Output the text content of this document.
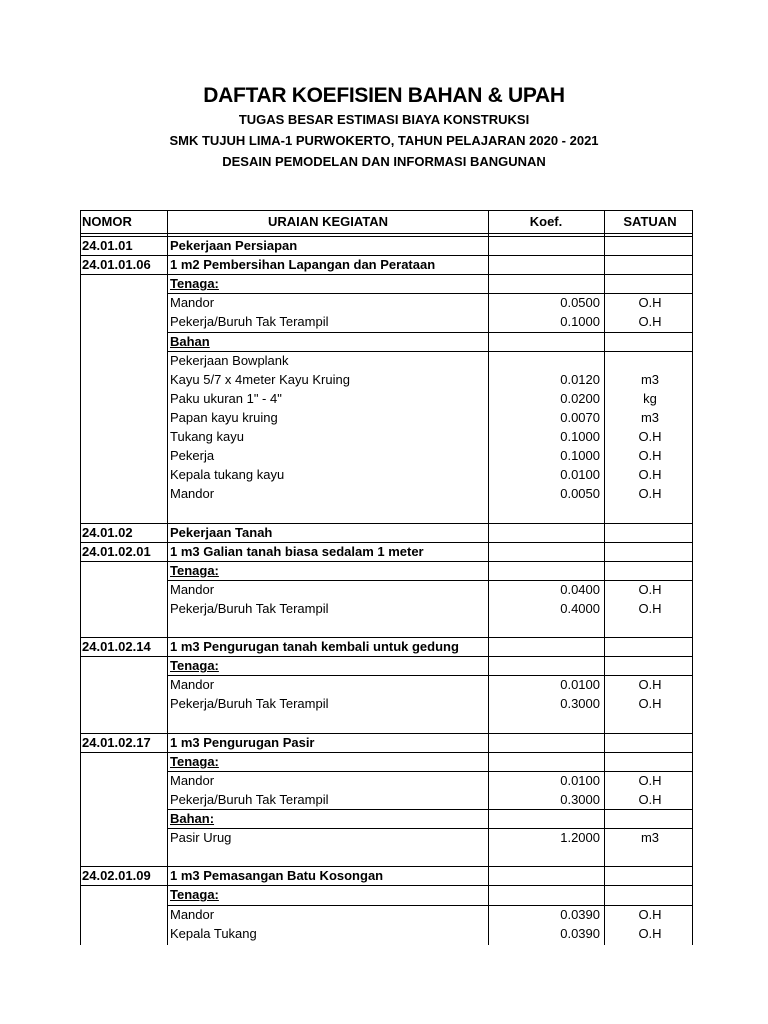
DAFTAR KOEFISIEN BAHAN & UPAH
TUGAS BESAR ESTIMASI BIAYA KONSTRUKSI
SMK TUJUH LIMA-1 PURWOKERTO, TAHUN PELAJARAN 2020 - 2021
DESAIN PEMODELAN DAN INFORMASI BANGUNAN
NOMOR	URAIAN KEGIATAN	Koef.	SATUAN
24.01.01	Pekerjaan Persiapan
24.01.01.06 1 m2 Pembersihan Lapangan dan Perataan
Tenaga:
Mandor	0.0500	O.H
Pekerja/Buruh Tak Terampil	0.1000	O.H
Bahan
Pekerjaan Bowplank
Kayu 5/7 x 4meter Kayu Kruing	0.0120	m3
Paku ukuran 1" - 4"	0.0200	kg
Papan kayu kruing	0.0070	m3
Tukang kayu	0.1000	O.H
Pekerja	0.1000	O.H
Kepala tukang kayu	0.0100	O.H
Mandor	0.0050	O.H
24.01.02	Pekerjaan Tanah
24.01.02.01 1 m3 Galian tanah biasa sedalam 1 meter
Tenaga:
Mandor	0.0400	O.H
Pekerja/Buruh Tak Terampil	0.4000	O.H
24.01.02.14 1 m3 Pengurugan tanah kembali untuk gedung
Tenaga:
Mandor	0.0100	O.H
Pekerja/Buruh Tak Terampil	0.3000	O.H
24.01.02.17 1 m3 Pengurugan Pasir
Tenaga:
Mandor	0.0100	O.H
Pekerja/Buruh Tak Terampil	0.3000	O.H
Bahan:
Pasir Urug	1.2000	m3
24.02.01.09 1 m3 Pemasangan Batu Kosongan
Tenaga:
Mandor	0.0390	O.H
Kepala Tukang	0.0390	O.H
